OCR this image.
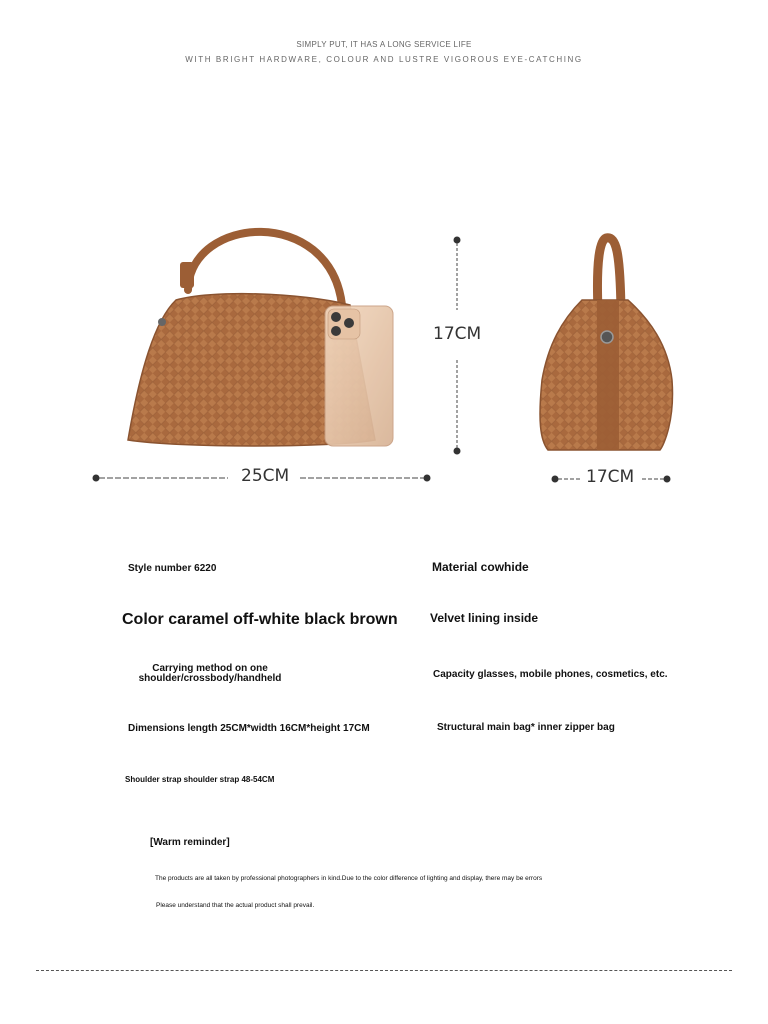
SIMPLY PUT, IT HAS A LONG SERVICE LIFE
WITH BRIGHT HARDWARE, COLOUR AND LUSTRE VIGOROUS EYE-CATCHING
17CM
25CM	17CM
Style number 6220	Material cowhide
Color caramel off-white black brown	Velvet lining inside
Carrying method on one
shoulder/crossbody/handheld	Capacity glasses, mobile phones, cosmetics, etc.
Dimensions length 25CM*width 16CM*height 17CM	Structural main bag* inner zipper bag
Shoulder strap shoulder strap 48-54CM
[Warm reminder]
The products are all taken by professional photographers in kind.Due to the color difference of lighting and display, there may be errors
Please understand that the actual product shall prevail.
